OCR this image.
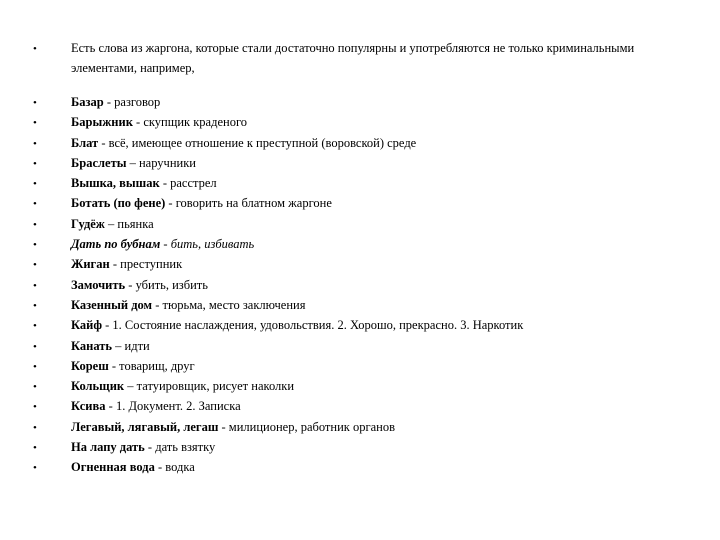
•	Есть слова из жаргона, которые стали достаточно популярны и употребляются не только криминальными элементами, например,
•	Базар - разговор
•	Барыжник - скупщик краденого
•	Блат - всё, имеющее отношение к преступной (воровской) среде
•	Браслеты – наручники
•	Вышка, вышак - расстрел
•	Ботать (по фене) - говорить на блатном жаргоне
•	Гудёж – пьянка
•	Дать по бубнам - бить, избивать
•	Жиган - преступник
•	Замочить - убить, избить
•	Казенный дом - тюрьма, место заключения
•	Кайф - 1. Состояние наслаждения, удовольствия. 2. Хорошо, прекрасно. 3. Наркотик
•	Канать – идти
•	Кореш - товарищ, друг
•	Кольщик – татуировщик, рисует наколки
•	Ксива - 1. Документ. 2. Записка
•	Легавый, лягавый, легаш - милиционер, работник органов
•	На лапу дать - дать взятку
•	Огненная вода - водка
